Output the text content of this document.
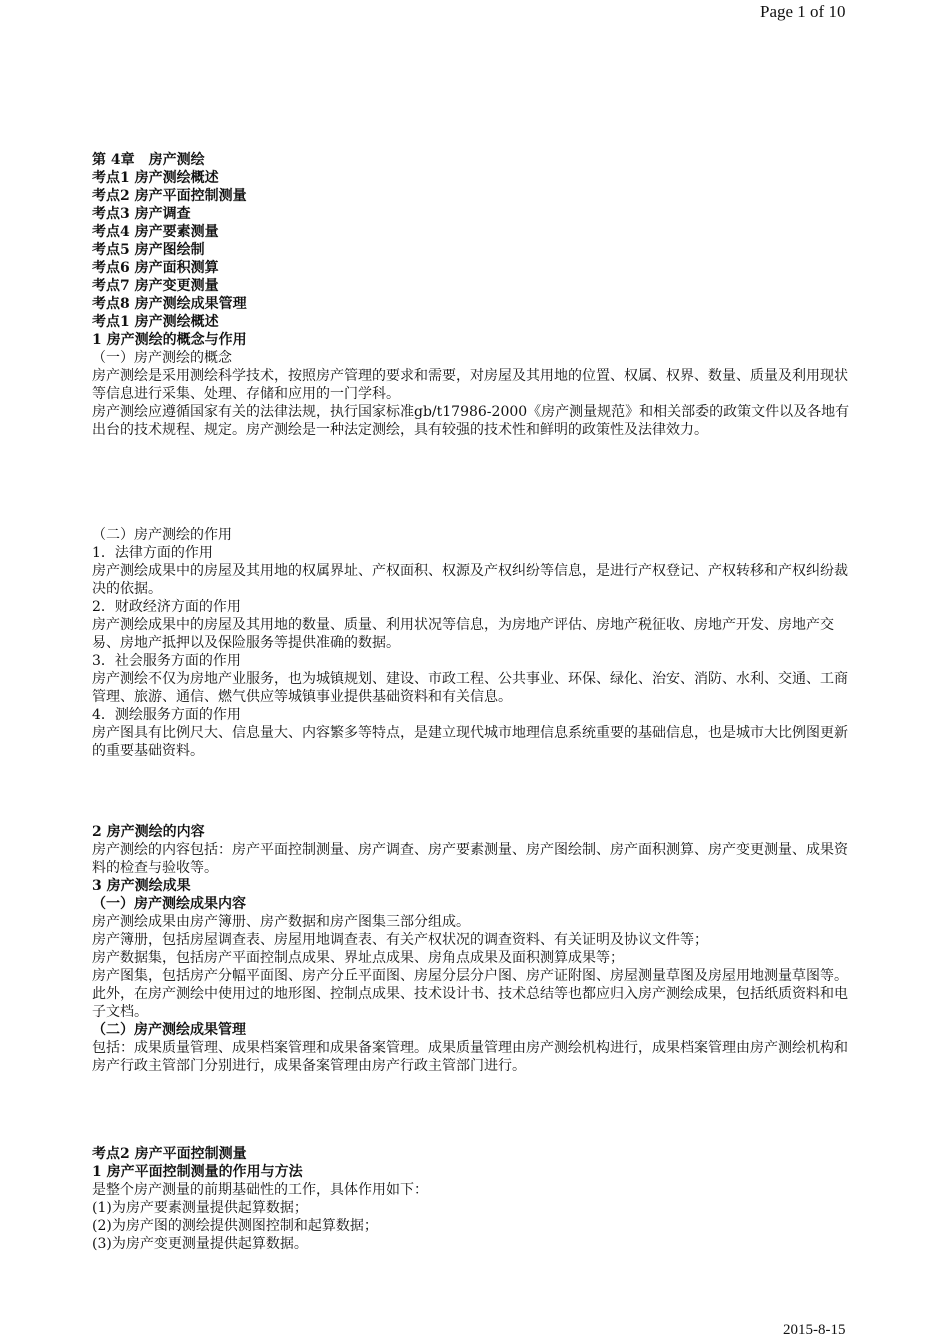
Page 1 of 10

第 4章　房产测绘

考点1 房产测绘概述

考点2 房产平面控制测量

考点3 房产调查

考点4 房产要素测量

考点5 房产图绘制

考点6 房产面积测算

考点7 房产变更测量

考点8 房产测绘成果管理

考点1 房产测绘概述

1 房产测绘的概念与作用

（一）房产测绘的概念

房产测绘是采用测绘科学技术，按照房产管理的要求和需要，对房屋及其用地的位置、权属、权界、数量、质量及利用现状等信息进行采集、处理、存储和应用的一门学科。

房产测绘应遵循国家有关的法律法规，执行国家标准gb/t17986-2000《房产测量规范》和相关部委的政策文件以及各地有出台的技术规程、规定。房产测绘是一种法定测绘，具有较强的技术性和鲜明的政策性及法律效力。

（二）房产测绘的作用

1．法律方面的作用

房产测绘成果中的房屋及其用地的权属界址、产权面积、权源及产权纠纷等信息，是进行产权登记、产权转移和产权纠纷裁决的依据。

2．财政经济方面的作用

房产测绘成果中的房屋及其用地的数量、质量、利用状况等信息，为房地产评估、房地产税征收、房地产开发、房地产交易、房地产抵押以及保险服务等提供准确的数据。

3．社会服务方面的作用

房产测绘不仅为房地产业服务，也为城镇规划、建设、市政工程、公共事业、环保、绿化、治安、消防、水利、交通、工商管理、旅游、通信、燃气供应等城镇事业提供基础资料和有关信息。

4．测绘服务方面的作用

房产图具有比例尺大、信息量大、内容繁多等特点，是建立现代城市地理信息系统重要的基础信息，也是城市大比例图更新的重要基础资料。

2 房产测绘的内容

房产测绘的内容包括：房产平面控制测量、房产调查、房产要素测量、房产图绘制、房产面积测算、房产变更测量、成果资料的检查与验收等。

3 房产测绘成果

（一）房产测绘成果内容

房产测绘成果由房产簿册、房产数据和房产图集三部分组成。

房产簿册，包括房屋调查表、房屋用地调查表、有关产权状况的调查资料、有关证明及协议文件等；

房产数据集，包括房产平面控制点成果、界址点成果、房角点成果及面积测算成果等；

房产图集，包括房产分幅平面图、房产分丘平面图、房屋分层分户图、房产证附图、房屋测量草图及房屋用地测量草图等。

此外，在房产测绘中使用过的地形图、控制点成果、技术设计书、技术总结等也都应归入房产测绘成果，包括纸质资料和电子文档。

（二）房产测绘成果管理

包括：成果质量管理、成果档案管理和成果备案管理。成果质量管理由房产测绘机构进行，成果档案管理由房产测绘机构和房产行政主管部门分别进行，成果备案管理由房产行政主管部门进行。

考点2 房产平面控制测量

1 房产平面控制测量的作用与方法

是整个房产测量的前期基础性的工作，具体作用如下：

(1)为房产要素测量提供起算数据；

(2)为房产图的测绘提供测图控制和起算数据；

(3)为房产变更测量提供起算数据。

2015-8-15
